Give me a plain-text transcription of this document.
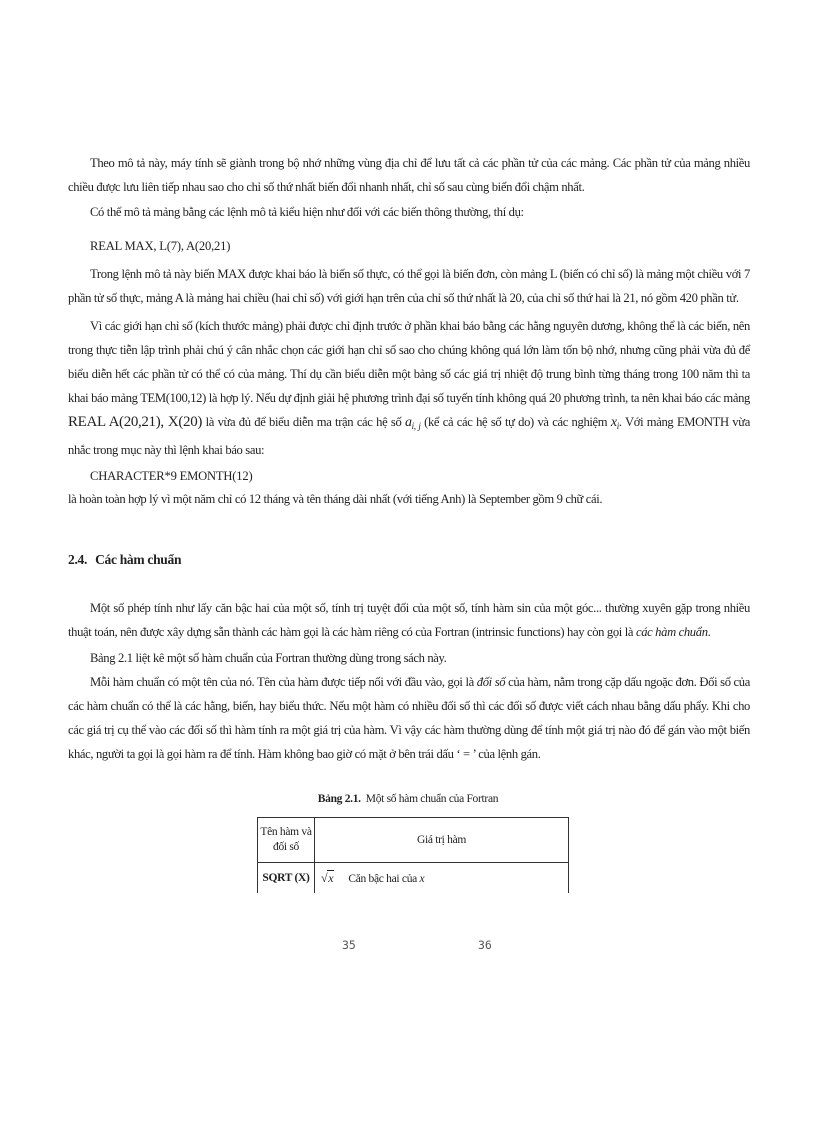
Theo mô tả này, máy tính sẽ giành trong bộ nhớ những vùng địa chỉ để lưu tất cả các phần tử của các mảng. Các phần tử của mảng nhiều chiều được lưu liên tiếp nhau sao cho chỉ số thứ nhất biến đổi nhanh nhất, chỉ số sau cùng biến đổi chậm nhất.

Có thể mô tả mảng bằng các lệnh mô tả kiểu hiện như đối với các biến thông thường, thí dụ:

REAL MAX, L(7), A(20,21)

Trong lệnh mô tả này biến MAX được khai báo là biến số thực, có thể gọi là biến đơn, còn mảng L (biến có chỉ số) là mảng một chiều với 7 phần tử số thực, mảng A là mảng hai chiều (hai chỉ số) với giới hạn trên của chỉ số thứ nhất là 20, của chỉ số thứ hai là 21, nó gồm 420 phần tử.

Vì các giới hạn chỉ số (kích thước mảng) phải được chỉ định trước ở phần khai báo bằng các hằng nguyên dương, không thể là các biến, nên trong thực tiễn lập trình phải chú ý cân nhắc chọn các giới hạn chỉ số sao cho chúng không quá lớn làm tốn bộ nhớ, nhưng cũng phải vừa đủ để biểu diễn hết các phần tử có thể có của mảng. Thí dụ cần biểu diễn một bảng số các giá trị nhiệt độ trung bình từng tháng trong 100 năm thì ta khai báo mảng TEM(100,12) là hợp lý. Nếu dự định giải hệ phương trình đại số tuyến tính không quá 20 phương trình, ta nên khai báo các mảng REAL A(20,21), X(20) là vừa đủ để biểu diễn ma trận các hệ số $a_{i, j}$ (kể cả các hệ số tự do) và các nghiệm $x_i$. Với mảng EMONTH vừa nhắc trong mục này thì lệnh khai báo sau:

CHARACTER*9 EMONTH(12)

là hoàn toàn hợp lý vì một năm chỉ có 12 tháng và tên tháng dài nhất (với tiếng Anh) là September gồm 9 chữ cái.

2.4. Các hàm chuẩn

Một số phép tính như lấy căn bậc hai của một số, tính trị tuyệt đối của một số, tính hàm sin của một góc... thường xuyên gặp trong nhiều thuật toán, nên được xây dựng sẵn thành các hàm gọi là các hàm riêng có của Fortran (intrinsic functions) hay còn gọi là các hàm chuẩn.

Bảng 2.1 liệt kê một số hàm chuẩn của Fortran thường dùng trong sách này.

Mỗi hàm chuẩn có một tên của nó. Tên của hàm được tiếp nối với đầu vào, gọi là đối số của hàm, nằm trong cặp dấu ngoặc đơn. Đối số của các hàm chuẩn có thể là các hằng, biến, hay biểu thức. Nếu một hàm có nhiều đối số thì các đối số được viết cách nhau bằng dấu phẩy. Khi cho các giá trị cụ thể vào các đối số thì hàm tính ra một giá trị của hàm. Vì vậy các hàm thường dùng để tính một giá trị nào đó để gán vào một biến khác, người ta gọi là gọi hàm ra để tính. Hàm không bao giờ có mặt ở bên trái dấu ‘ = ’ của lệnh gán.

Bảng 2.1. Một số hàm chuẩn của Fortran
Tên hàm và
đối số	Giá trị hàm
SQRT (X)	√x Căn bậc hai của x
35	36
